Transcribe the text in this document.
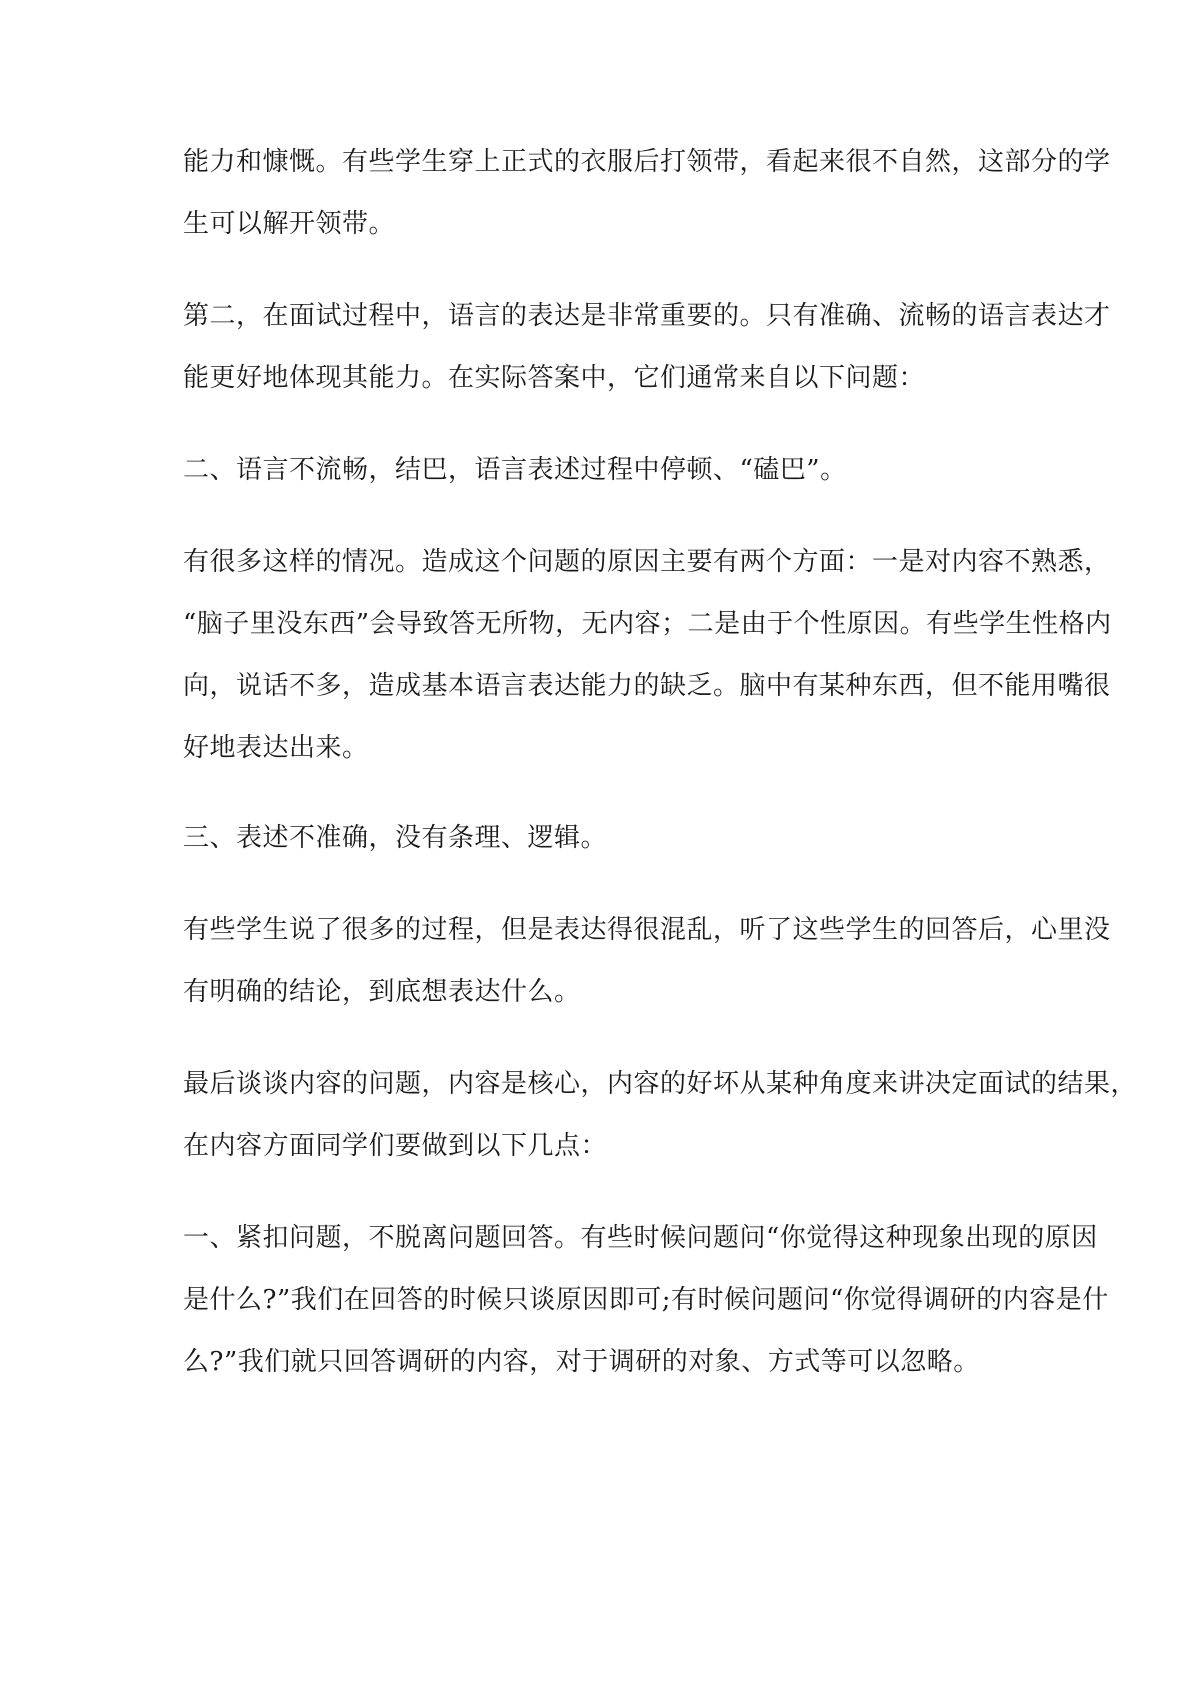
能力和慷慨。有些学生穿上正式的衣服后打领带，看起来很不自然，这部分的学
生可以解开领带。
第二，在面试过程中，语言的表达是非常重要的。只有准确、流畅的语言表达才
能更好地体现其能力。在实际答案中，它们通常来自以下问题：
二、语言不流畅，结巴，语言表述过程中停顿、“磕巴”。
有很多这样的情况。造成这个问题的原因主要有两个方面：一是对内容不熟悉，
“脑子里没东西”会导致答无所物，无内容；二是由于个性原因。有些学生性格内
向，说话不多，造成基本语言表达能力的缺乏。脑中有某种东西，但不能用嘴很
好地表达出来。
三、表述不准确，没有条理、逻辑。
有些学生说了很多的过程，但是表达得很混乱，听了这些学生的回答后，心里没
有明确的结论，到底想表达什么。
最后谈谈内容的问题，内容是核心，内容的好坏从某种角度来讲决定面试的结果，
在内容方面同学们要做到以下几点：
一、紧扣问题，不脱离问题回答。有些时候问题问“你觉得这种现象出现的原因
是什么?”我们在回答的时候只谈原因即可;有时候问题问“你觉得调研的内容是什
么?”我们就只回答调研的内容，对于调研的对象、方式等可以忽略。
